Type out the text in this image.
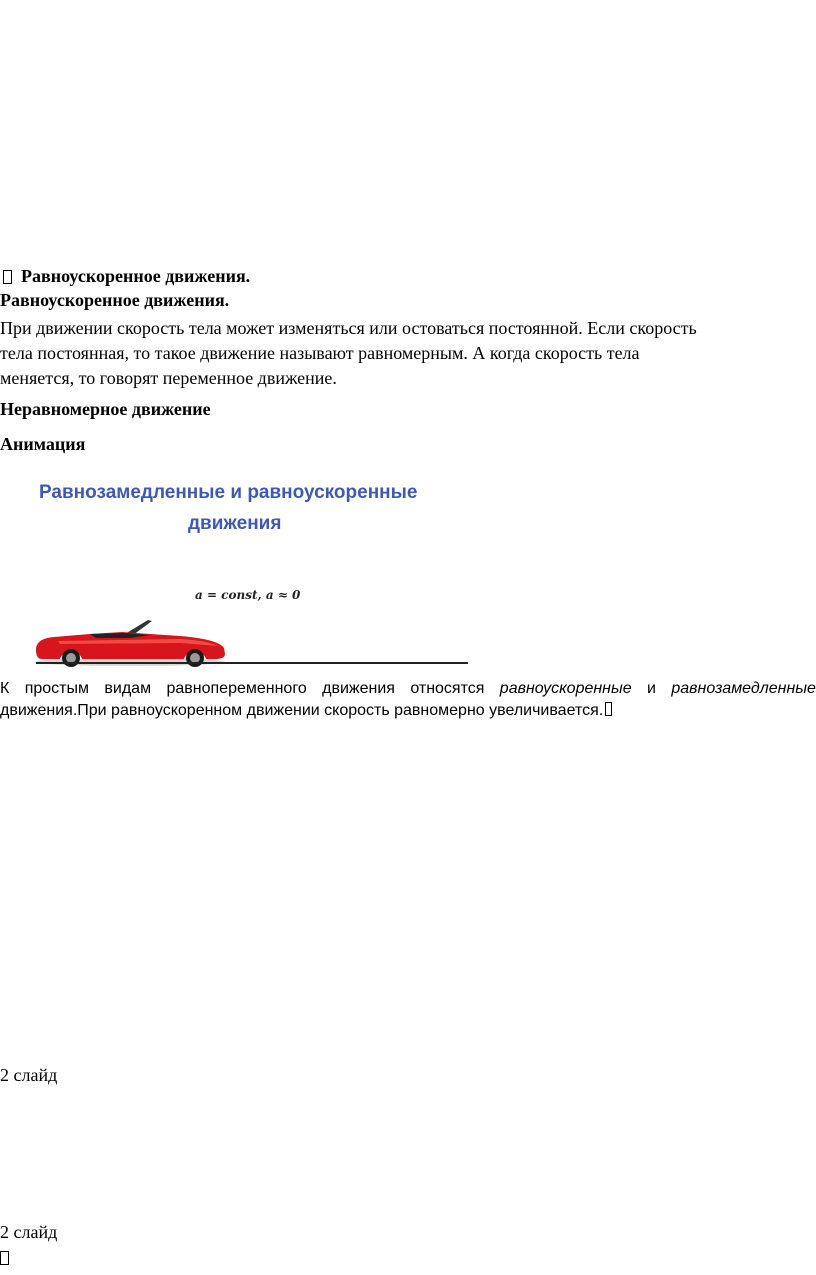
Равноускоренное движения.
Равноускоренное движения.
При движении скорость тела может изменяться или остоваться постоянной. Если скорость
тела постоянная, то такое движение называют равномерным. А когда скорость тела
меняется, то говорят переменное движение.
Неравномерное движение
Анимация
Равнозамедленные и равноускоренные
движения
a = const, a ≈ 0
К простым видам равнопеременного движения относятся равноускоренные и равнозамедленные
движения.При равноускоренном движении скорость равномерно увеличивается.
2 слайд
2 слайд
